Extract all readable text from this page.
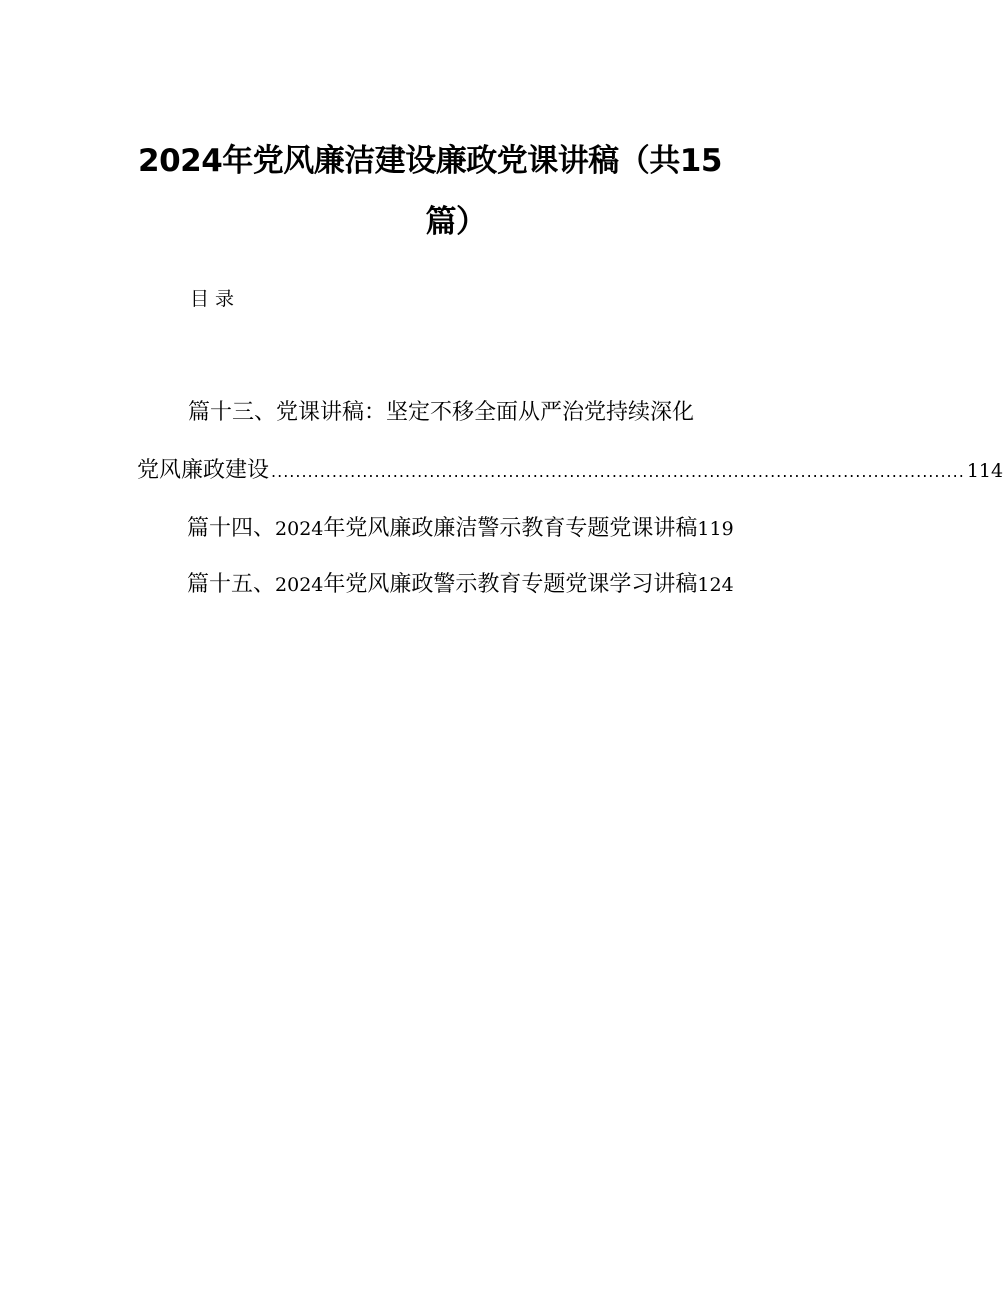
2024年党风廉洁建设廉政党课讲稿（共15
篇）
目录
篇十三、党课讲稿：坚定不移全面从严治党持续深化
党风廉政建设 .................................................................................................................. 114
篇十四、2024年党风廉政廉洁警示教育专题党课讲稿119
篇十五、2024年党风廉政警示教育专题党课学习讲稿124
